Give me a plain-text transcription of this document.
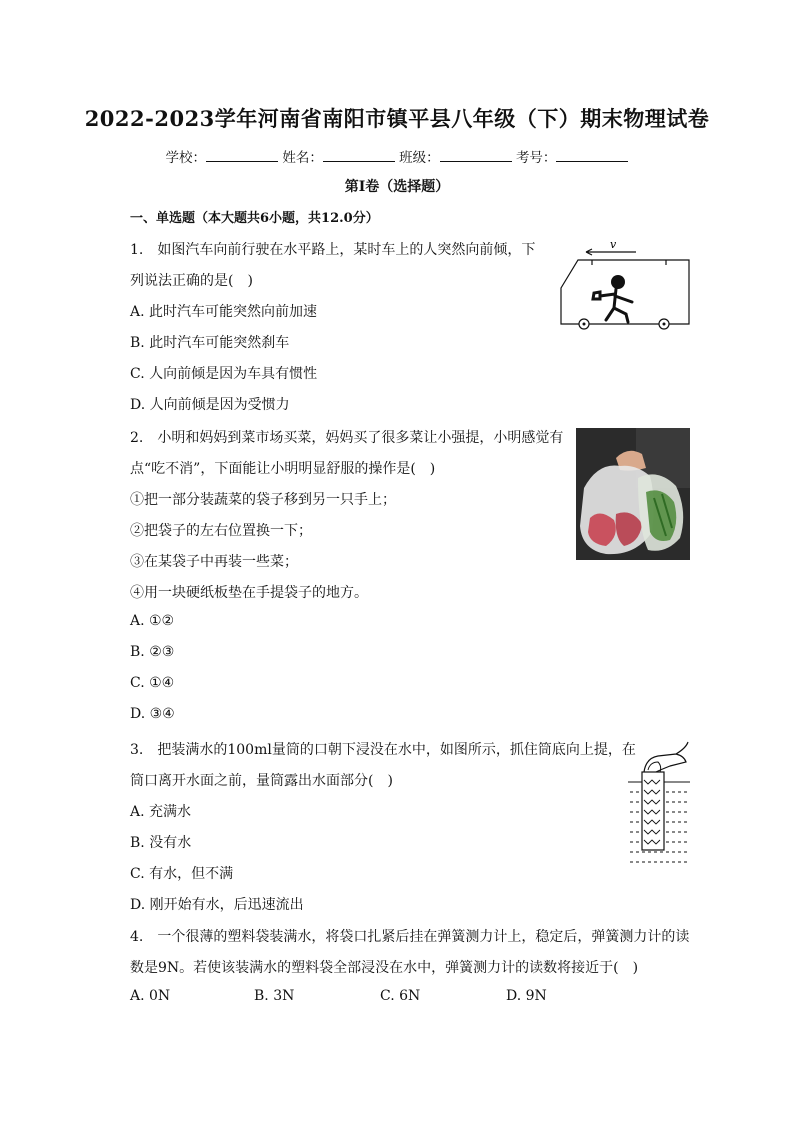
2022-2023学年河南省南阳市镇平县八年级（下）期末物理试卷
学校：	姓名：	班级：	考号：
第I卷（选择题）
一、单选题（本大题共6小题，共12.0分）
1.　如图汽车向前行驶在水平路上，某时车上的人突然向前倾，下
列说法正确的是(　)
A. 此时汽车可能突然向前加速
B. 此时汽车可能突然刹车
C. 人向前倾是因为车具有惯性
D. 人向前倾是因为受惯力
v
2.　小明和妈妈到菜市场买菜，妈妈买了很多菜让小强提，小明感觉有
点“吃不消”，下面能让小明明显舒服的操作是(　)
①把一部分装蔬菜的袋子移到另一只手上；
②把袋子的左右位置换一下；
③在某袋子中再装一些菜；
④用一块硬纸板垫在手提袋子的地方。
A. ①②
B. ②③
C. ①④
D. ③④
3.　把装满水的100ml量筒的口朝下浸没在水中，如图所示，抓住筒底向上提，在
筒口离开水面之前，量筒露出水面部分(　)
A. 充满水
B. 没有水
C. 有水，但不满
D. 刚开始有水，后迅速流出
4.　一个很薄的塑料袋装满水，将袋口扎紧后挂在弹簧测力计上，稳定后，弹簧测力计的读
数是9N。若使该装满水的塑料袋全部浸没在水中，弹簧测力计的读数将接近于(　)
A. 0N	B. 3N	C. 6N	D. 9N
